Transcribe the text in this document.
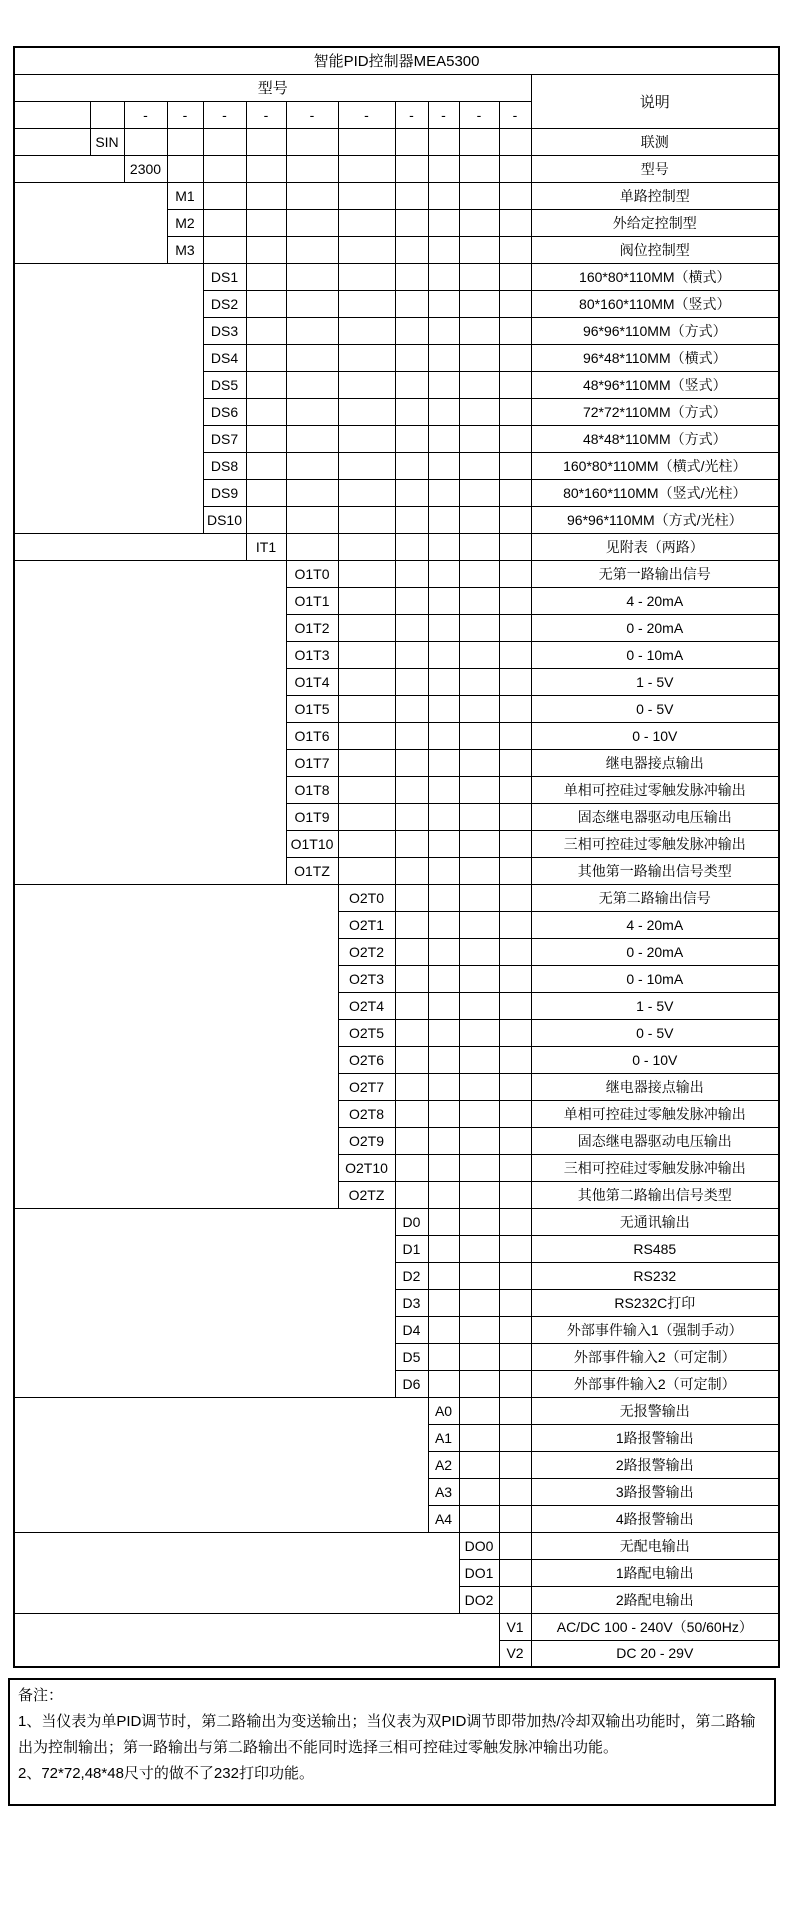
智能PID控制器MEA5300												
型号												说明
		-	-	-	-	-	-	-	-	-	-	
公司名称	SIN											联测
型号		2300										型号
仪表类型			M1									单路控制型
			M2									外给定控制型
			M3									阀位控制型
规格尺寸（宽*高*深）				DS1								160*80*110MM（横式）
				DS2								80*160*110MM（竖式）
				DS3								96*96*110MM（方式）
				DS4								96*48*110MM（横式）
				DS5								48*96*110MM（竖式）
				DS6								72*72*110MM（方式）
				DS7								48*48*110MM（方式）
				DS8								160*80*110MM（横式/光柱）
				DS9								80*160*110MM（竖式/光柱）
				DS10								96*96*110MM（方式/光柱）
输入信号类型					IT1							见附表（两路）
第一路输出信号类型						O1T0						无第一路输出信号
						O1T1						4 - 20mA
						O1T2						0 - 20mA
						O1T3						0 - 10mA
						O1T4						1 - 5V
						O1T5						0 - 5V
						O1T6						0 - 10V
						O1T7						继电器接点输出
						O1T8						单相可控硅过零触发脉冲输出
						O1T9						固态继电器驱动电压输出
						O1T10						三相可控硅过零触发脉冲输出
						O1TZ						其他第一路输出信号类型
第二路输出信号类型							O2T0					无第二路输出信号
							O2T1					4 - 20mA
							O2T2					0 - 20mA
							O2T3					0 - 10mA
							O2T4					1 - 5V
							O2T5					0 - 5V
							O2T6					0 - 10V
							O2T7					继电器接点输出
							O2T8					单相可控硅过零触发脉冲输出
							O2T9					固态继电器驱动电压输出
							O2T10					三相可控硅过零触发脉冲输出
							O2TZ					其他第二路输出信号类型
通讯输出类型								D0				无通讯输出
								D1				RS485
								D2				RS232
								D3				RS232C打印
								D4				外部事件输入1（强制手动）
								D5				外部事件输入2（可定制）
								D6				外部事件输入2（可定制）
报警输出									A0			无报警输出
									A1			1路报警输出
									A2			2路报警输出
									A3			3路报警输出
									A4			4路报警输出
配电输出										DO0		无配电输出
										DO1		1路配电输出
										DO2		2路配电输出
供电电源											V1	AC/DC 100 - 240V（50/60Hz）
											V2	DC 20 - 29V

备注：

1、当仪表为单PID调节时，第二路输出为变送输出；当仪表为双PID调节即带加热/冷却双输出功能时，第二路输出为控制输出；第一路输出与第二路输出不能同时选择三相可控硅过零触发脉冲输出功能。

2、72*72,48*48尺寸的做不了232打印功能。
